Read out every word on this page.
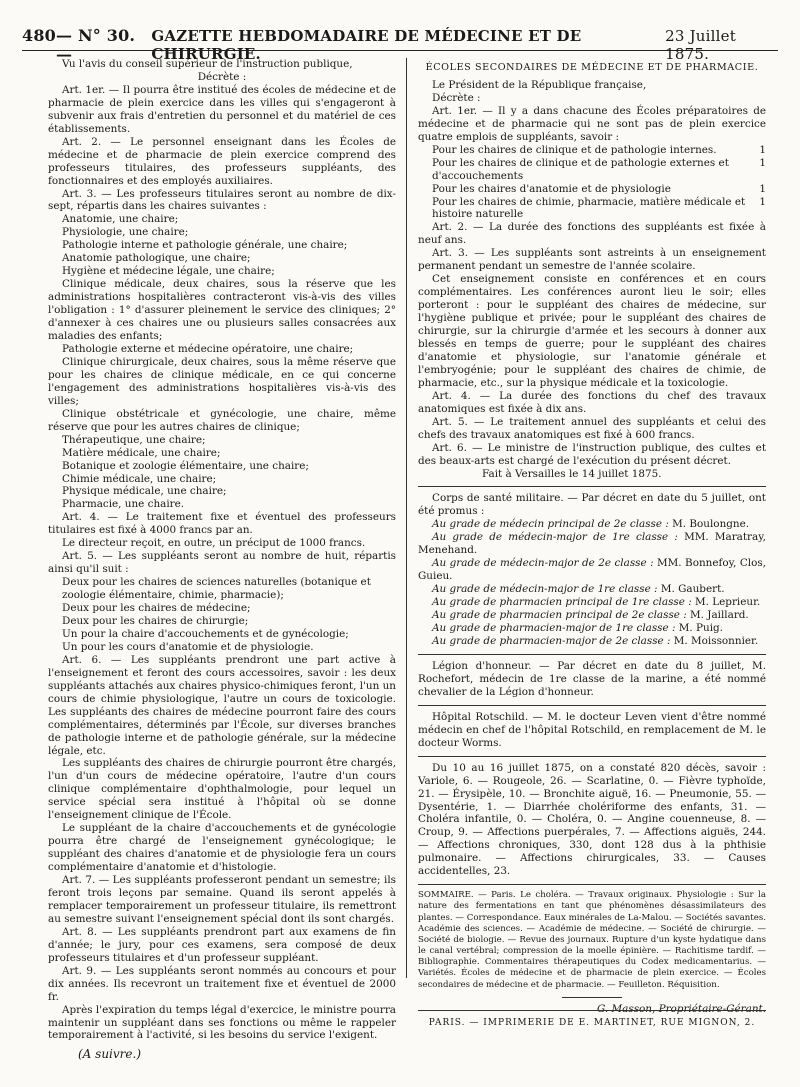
480 — N° 30. —
GAZETTE HEBDOMADAIRE DE MÉDECINE ET DE CHIRURGIE.
23 Juillet 1875.

Vu l'avis du conseil supérieur de l'instruction publique,

Décrète :

Art. 1er. — Il pourra être institué des écoles de médecine et de pharmacie de plein exercice dans les villes qui s'engageront à subvenir aux frais d'entretien du personnel et du matériel de ces établissements.

Art. 2. — Le personnel enseignant dans les Écoles de médecine et de pharmacie de plein exercice comprend des professeurs titulaires, des professeurs suppléants, des fonctionnaires et des employés auxiliaires.

Art. 3. — Les professeurs titulaires seront au nombre de dix-sept, répartis dans les chaires suivantes :

Anatomie, une chaire;

Physiologie, une chaire;

Pathologie interne et pathologie générale, une chaire;

Anatomie pathologique, une chaire;

Hygiène et médecine légale, une chaire;

Clinique médicale, deux chaires, sous la réserve que les administrations hospitalières contracteront vis-à-vis des villes l'obligation : 1° d'assurer pleinement le service des cliniques; 2° d'annexer à ces chaires une ou plusieurs salles consacrées aux maladies des enfants;

Pathologie externe et médecine opératoire, une chaire;

Clinique chirurgicale, deux chaires, sous la même réserve que pour les chaires de clinique médicale, en ce qui concerne l'engagement des administrations hospitalières vis-à-vis des villes;

Clinique obstétricale et gynécologie, une chaire, même réserve que pour les autres chaires de clinique;

Thérapeutique, une chaire;

Matière médicale, une chaire;

Botanique et zoologie élémentaire, une chaire;

Chimie médicale, une chaire;

Physique médicale, une chaire;

Pharmacie, une chaire.

Art. 4. — Le traitement fixe et éventuel des professeurs titulaires est fixé à 4000 francs par an.

Le directeur reçoit, en outre, un préciput de 1000 francs.

Art. 5. — Les suppléants seront au nombre de huit, répartis ainsi qu'il suit :

Deux pour les chaires de sciences naturelles (botanique et zoologie élémentaire, chimie, pharmacie);

Deux pour les chaires de médecine;

Deux pour les chaires de chirurgie;

Un pour la chaire d'accouchements et de gynécologie;

Un pour les cours d'anatomie et de physiologie.

Art. 6. — Les suppléants prendront une part active à l'enseignement et feront des cours accessoires, savoir : les deux suppléants attachés aux chaires physico-chimiques feront, l'un un cours de chimie physiologique, l'autre un cours de toxicologie. Les suppléants des chaires de médecine pourront faire des cours complémentaires, déterminés par l'École, sur diverses branches de pathologie interne et de pathologie générale, sur la médecine légale, etc.

Les suppléants des chaires de chirurgie pourront être chargés, l'un d'un cours de médecine opératoire, l'autre d'un cours clinique complémentaire d'ophthalmologie, pour lequel un service spécial sera institué à l'hôpital où se donne l'enseignement clinique de l'École.

Le suppléant de la chaire d'accouchements et de gynécologie pourra être chargé de l'enseignement gynécologique; le suppléant des chaires d'anatomie et de physiologie fera un cours complémentaire d'anatomie et d'histologie.

Art. 7. — Les suppléants professeront pendant un semestre; ils feront trois leçons par semaine. Quand ils seront appelés à remplacer temporairement un professeur titulaire, ils remettront au semestre suivant l'enseignement spécial dont ils sont chargés.

Art. 8. — Les suppléants prendront part aux examens de fin d'année; le jury, pour ces examens, sera composé de deux professeurs titulaires et d'un professeur suppléant.

Art. 9. — Les suppléants seront nommés au concours et pour dix années. Ils recevront un traitement fixe et éventuel de 2000 fr.

Après l'expiration du temps légal d'exercice, le ministre pourra maintenir un suppléant dans ses fonctions ou même le rappeler temporairement à l'activité, si les besoins du service l'exigent.

(A suivre.)

ÉCOLES SECONDAIRES DE MÉDECINE ET DE PHARMACIE.

Le Président de la République française,

Décrète :

Art. 1er. — Il y a dans chacune des Écoles préparatoires de médecine et de pharmacie qui ne sont pas de plein exercice quatre emplois de suppléants, savoir :

Pour les chaires de clinique et de pathologie internes.	1

Pour les chaires de clinique et de pathologie externes et d'accouchements
1

Pour les chaires d'anatomie et de physiologie	1

Pour les chaires de chimie, pharmacie, matière médicale et histoire naturelle
1

Art. 2. — La durée des fonctions des suppléants est fixée à neuf ans.

Art. 3. — Les suppléants sont astreints à un enseignement permanent pendant un semestre de l'année scolaire.

Cet enseignement consiste en conférences et en cours complémentaires. Les conférences auront lieu le soir; elles porteront : pour le suppléant des chaires de médecine, sur l'hygiène publique et privée; pour le suppléant des chaires de chirurgie, sur la chirurgie d'armée et les secours à donner aux blessés en temps de guerre; pour le suppléant des chaires d'anatomie et physiologie, sur l'anatomie générale et l'embryogénie; pour le suppléant des chaires de chimie, de pharmacie, etc., sur la physique médicale et la toxicologie.

Art. 4. — La durée des fonctions du chef des travaux anatomiques est fixée à dix ans.

Art. 5. — Le traitement annuel des suppléants et celui des chefs des travaux anatomiques est fixé à 600 francs.

Art. 6. — Le ministre de l'instruction publique, des cultes et des beaux-arts est chargé de l'exécution du présent décret.

Fait à Versailles le 14 juillet 1875.

Corps de santé militaire. — Par décret en date du 5 juillet, ont été promus :

Au grade de médecin principal de 2e classe : M. Boulongne.

Au grade de médecin-major de 1re classe : MM. Maratray, Menehand.

Au grade de médecin-major de 2e classe : MM. Bonnefoy, Clos, Guieu.

Au grade de médecin-major de 1re classe : M. Gaubert.

Au grade de pharmacien principal de 1re classe : M. Leprieur.

Au grade de pharmacien principal de 2e classe : M. Jaillard.

Au grade de pharmacien-major de 1re classe : M. Puig.

Au grade de pharmacien-major de 2e classe : M. Moissonnier.

Légion d'honneur. — Par décret en date du 8 juillet, M. Rochefort, médecin de 1re classe de la marine, a été nommé chevalier de la Légion d'honneur.

Hôpital Rotschild. — M. le docteur Leven vient d'être nommé médecin en chef de l'hôpital Rotschild, en remplacement de M. le docteur Worms.

Du 10 au 16 juillet 1875, on a constaté 820 décès, savoir : Variole, 6. — Rougeole, 26. — Scarlatine, 0. — Fièvre typhoïde, 21. — Érysipèle, 10. — Bronchite aiguë, 16. — Pneumonie, 55. — Dysentérie, 1. — Diarrhée cholériforme des enfants, 31. — Choléra infantile, 0. — Choléra, 0. — Angine couenneuse, 8. — Croup, 9. — Affections puerpérales, 7. — Affections aiguës, 244. — Affections chroniques, 330, dont 128 dus à la phthisie pulmonaire. — Affections chirurgicales, 33. — Causes accidentelles, 23.

SOMMAIRE. — Paris. Le choléra. — Travaux originaux. Physiologie : Sur la nature des fermentations en tant que phénomènes désassimilateurs des plantes. — Correspondance. Eaux minérales de La-Malou. — Sociétés savantes. Académie des sciences. — Académie de médecine. — Société de chirurgie. — Société de biologie. — Revue des journaux. Rupture d'un kyste hydatique dans le canal vertébral; compression de la moelle épinière. — Rachitisme tardif. — Bibliographie. Commentaires thérapeutiques du Codex medicamentarius. — Variétés. Écoles de médecine et de pharmacie de plein exercice. — Écoles secondaires de médecine et de pharmacie. — Feuilleton. Réquisition.

G. Masson, Propriétaire-Gérant.

PARIS. — IMPRIMERIE DE E. MARTINET, RUE MIGNON, 2.
